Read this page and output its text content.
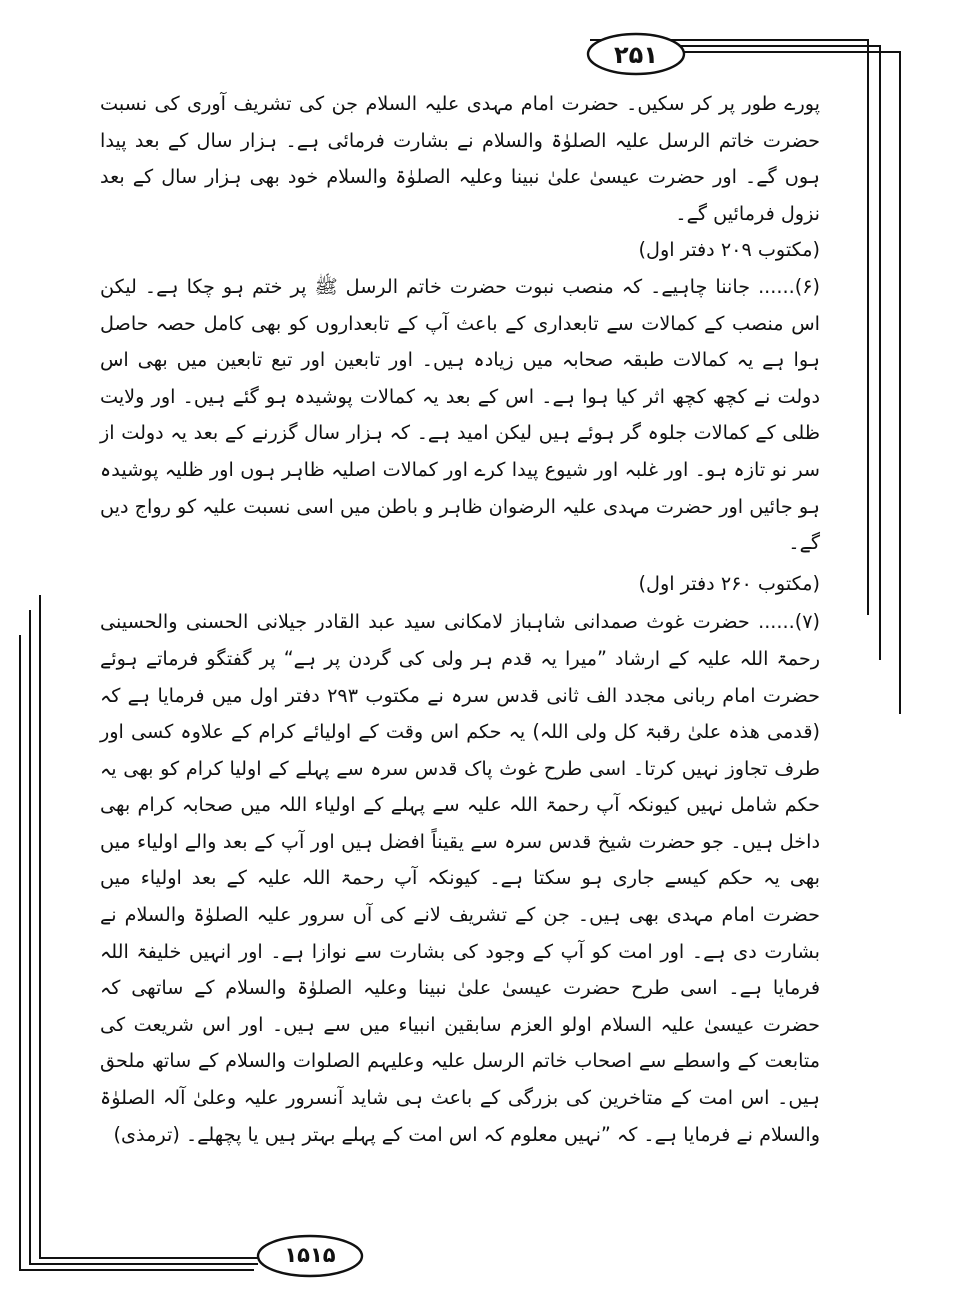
۲۵۱
۱۵۱۵

پورے طور پر کر سکیں۔ حضرت امام مہدی علیہ السلام جن کی تشریف آوری کی نسبت حضرت خاتم الرسل علیہ الصلوٰۃ والسلام نے بشارت فرمائی ہے۔ ہزار سال کے بعد پیدا ہوں گے۔ اور حضرت عیسیٰ علیٰ نبینا وعلیہ الصلوٰۃ والسلام خود بھی ہزار سال کے بعد نزول فرمائیں گے۔
(مکتوب ۲۰۹ دفتر اول)

(۶)...... جاننا چاہیے۔ کہ منصب نبوت حضرت خاتم الرسل ﷺ پر ختم ہو چکا ہے۔ لیکن اس منصب کے کمالات سے تابعداری کے باعث آپ کے تابعداروں کو بھی کامل حصہ حاصل ہوا ہے یہ کمالات طبقہ صحابہ میں زیادہ ہیں۔ اور تابعین اور تبع تابعین میں بھی اس دولت نے کچھ کچھ اثر کیا ہوا ہے۔ اس کے بعد یہ کمالات پوشیدہ ہو گئے ہیں۔ اور ولایت ظلی کے کمالات جلوہ گر ہوئے ہیں لیکن امید ہے۔ کہ ہزار سال گزرنے کے بعد یہ دولت از سر نو تازہ ہو۔ اور غلبہ اور شیوع پیدا کرے اور کمالات اصلیہ ظاہر ہوں اور ظلیہ پوشیدہ ہو جائیں اور حضرت مہدی علیہ الرضوان ظاہر و باطن میں اسی نسبت علیہ کو رواج دیں گے۔
(مکتوب ۲۶۰ دفتر اول)

(۷)...... حضرت غوث صمدانی شاہباز لامکانی سید عبد القادر جیلانی الحسنی والحسینی رحمۃ اللہ علیہ کے ارشاد ”میرا یہ قدم ہر ولی کی گردن پر ہے“ پر گفتگو فرماتے ہوئے حضرت امام ربانی مجدد الف ثانی قدس سرہ نے مکتوب ۲۹۳ دفتر اول میں فرمایا ہے کہ (قدمی ھذہ علیٰ رقبۃ کل ولی اللہ) یہ حکم اس وقت کے اولیائے کرام کے علاوہ کسی اور طرف تجاوز نہیں کرتا۔ اسی طرح غوث پاک قدس سرہ سے پہلے کے اولیا کرام کو بھی یہ حکم شامل نہیں کیونکہ آپ رحمۃ اللہ علیہ سے پہلے کے اولیاء اللہ میں صحابہ کرام بھی داخل ہیں۔ جو حضرت شیخ قدس سرہ سے یقیناً افضل ہیں اور آپ کے بعد والے اولیاء میں بھی یہ حکم کیسے جاری ہو سکتا ہے۔ کیونکہ آپ رحمۃ اللہ علیہ کے بعد اولیاء میں حضرت امام مہدی بھی ہیں۔ جن کے تشریف لانے کی آں سرور علیہ الصلوٰۃ والسلام نے بشارت دی ہے۔ اور امت کو آپ کے وجود کی بشارت سے نوازا ہے۔ اور انہیں خلیفۃ اللہ فرمایا ہے۔ اسی طرح حضرت عیسیٰ علیٰ نبینا وعلیہ الصلوٰۃ والسلام کے ساتھی کہ حضرت عیسیٰ علیہ السلام اولو العزم سابقین انبیاء میں سے ہیں۔ اور اس شریعت کی متابعت کے واسطے سے اصحاب خاتم الرسل علیہ وعلیہم الصلوات والسلام کے ساتھ ملحق ہیں۔ اس امت کے متاخرین کی بزرگی کے باعث ہی شاید آنسرور علیہ وعلیٰ آلہ الصلوٰۃ والسلام نے فرمایا ہے۔ کہ ”نہیں معلوم کہ اس امت کے پہلے بہتر ہیں یا پچھلے۔ (ترمذی)
